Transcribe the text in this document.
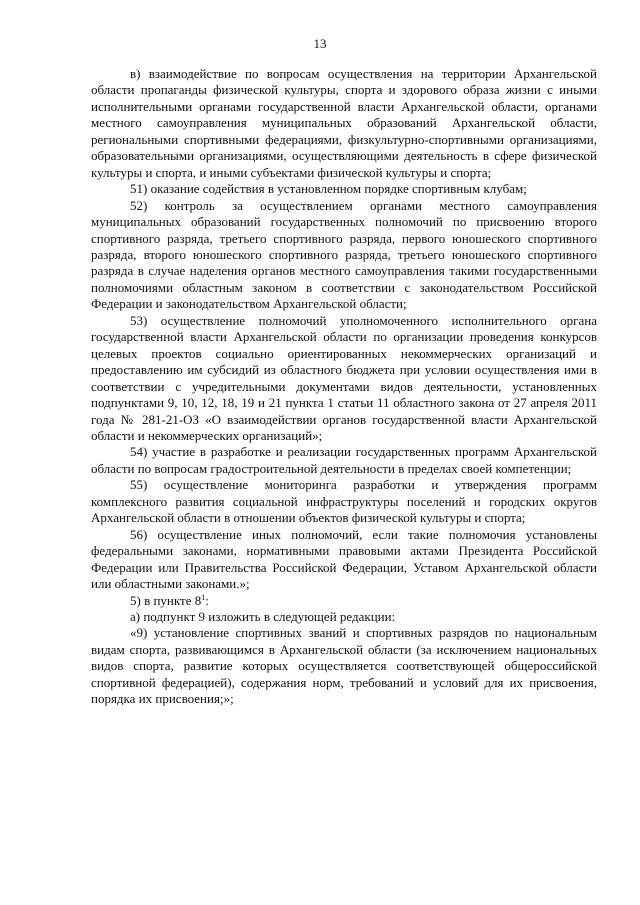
13

в) взаимодействие по вопросам осуществления на территории Архангельской области пропаганды физической культуры, спорта и здорового образа жизни с иными исполнительными органами государственной власти Архангельской области, органами местного самоуправления муниципальных образований Архангельской области, региональными спортивными федерациями, физкультурно-спортивными организациями, образовательными организациями, осуществляющими деятельность в сфере физической культуры и спорта, и иными субъектами физической культуры и спорта;

51) оказание содействия в установленном порядке спортивным клубам;

52) контроль за осуществлением органами местного самоуправления муниципальных образований государственных полномочий по присвоению второго спортивного разряда, третьего спортивного разряда, первого юношеского спортивного разряда, второго юношеского спортивного разряда, третьего юношеского спортивного разряда в случае наделения органов местного самоуправления такими государственными полномочиями областным законом в соответствии с законодательством Российской Федерации и законодательством Архангельской области;

53) осуществление полномочий уполномоченного исполнительного органа государственной власти Архангельской области по организации проведения конкурсов целевых проектов социально ориентированных некоммерческих организаций и предоставлению им субсидий из областного бюджета при условии осуществления ими в соответствии с учредительными документами видов деятельности, установленных подпунктами 9, 10, 12, 18, 19 и 21 пункта 1 статьи 11 областного закона от 27 апреля 2011 года № 281-21-ОЗ «О взаимодействии органов государственной власти Архангельской области и некоммерческих организаций»;

54) участие в разработке и реализации государственных программ Архангельской области по вопросам градостроительной деятельности в пределах своей компетенции;

55) осуществление мониторинга разработки и утверждения программ комплексного развития социальной инфраструктуры поселений и городских округов Архангельской области в отношении объектов физической культуры и спорта;

56) осуществление иных полномочий, если такие полномочия установлены федеральными законами, нормативными правовыми актами Президента Российской Федерации или Правительства Российской Федерации, Уставом Архангельской области или областными законами.»;

5) в пункте $8^1$:

а) подпункт 9 изложить в следующей редакции:

«9) установление спортивных званий и спортивных разрядов по национальным видам спорта, развивающимся в Архангельской области (за исключением национальных видов спорта, развитие которых осуществляется соответствующей общероссийской спортивной федерацией), содержания норм, требований и условий для их присвоения, порядка их присвоения;»;
